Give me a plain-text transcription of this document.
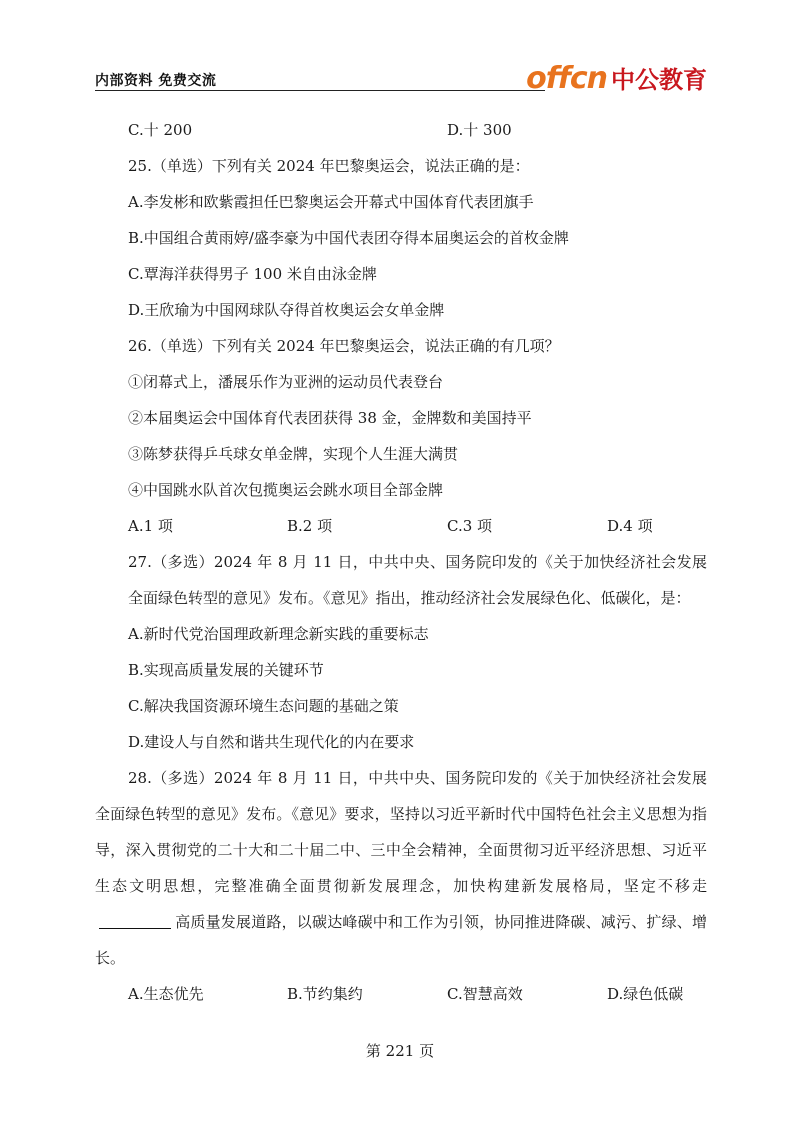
内部资料 免费交流	offcn 中公教育
C.十 200	D.十 300
25.（单选）下列有关 2024 年巴黎奥运会，说法正确的是：
A.李发彬和欧紫霞担任巴黎奥运会开幕式中国体育代表团旗手
B.中国组合黄雨婷/盛李豪为中国代表团夺得本届奥运会的首枚金牌
C.覃海洋获得男子 100 米自由泳金牌
D.王欣瑜为中国网球队夺得首枚奥运会女单金牌
26.（单选）下列有关 2024 年巴黎奥运会，说法正确的有几项？
①闭幕式上，潘展乐作为亚洲的运动员代表登台
②本届奥运会中国体育代表团获得 38 金，金牌数和美国持平
③陈梦获得乒乓球女单金牌，实现个人生涯大满贯
④中国跳水队首次包揽奥运会跳水项目全部金牌
A.1 项	B.2 项	C.3 项	D.4 项
27.（多选）2024 年 8 月 11 日，中共中央、国务院印发的《关于加快经济社会发展全面绿色转型的意见》发布。《意见》指出，推动经济社会发展绿色化、低碳化，是：
A.新时代党治国理政新理念新实践的重要标志
B.实现高质量发展的关键环节
C.解决我国资源环境生态问题的基础之策
D.建设人与自然和谐共生现代化的内在要求
28.（多选）2024 年 8 月 11 日，中共中央、国务院印发的《关于加快经济社会发展全面绿色转型的意见》发布。《意见》要求，坚持以习近平新时代中国特色社会主义思想为指导，深入贯彻党的二十大和二十届二中、三中全会精神，全面贯彻习近平经济思想、习近平生态文明思想，完整准确全面贯彻新发展理念，加快构建新发展格局，坚定不移走高质量发展道路，以碳达峰碳中和工作为引领，协同推进降碳、减污、扩绿、增长。
A.生态优先	B.节约集约	C.智慧高效	D.绿色低碳
第 221 页
